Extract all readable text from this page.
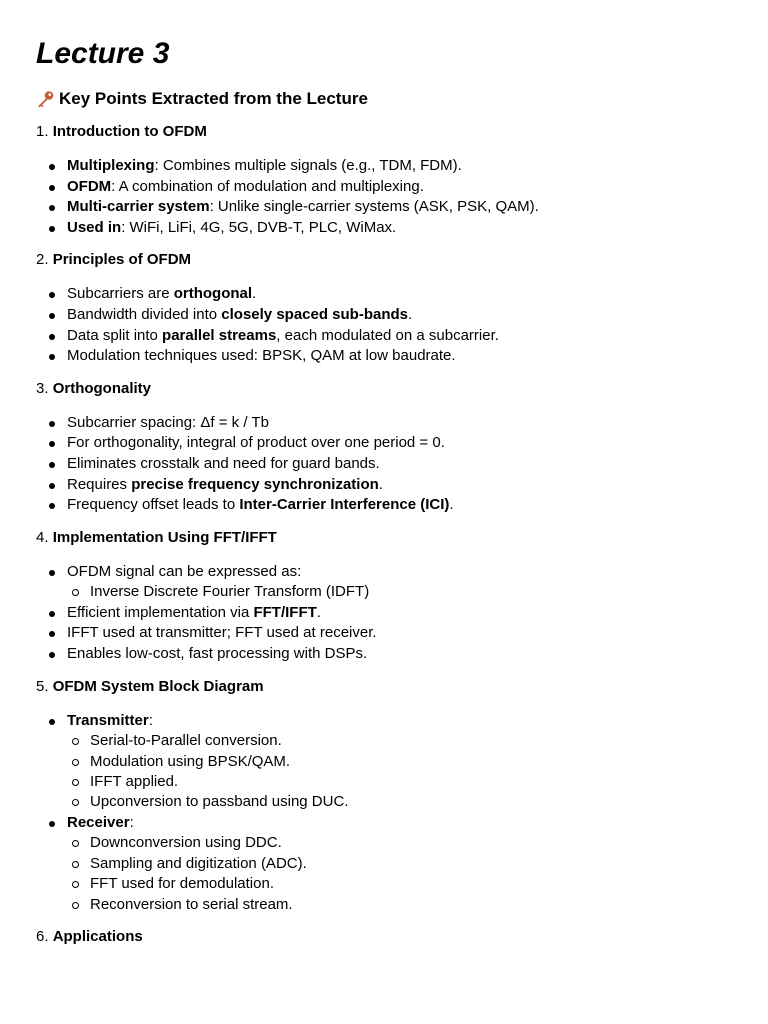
Lecture 3
Key Points Extracted from the Lecture
1. Introduction to OFDM
Multiplexing: Combines multiple signals (e.g., TDM, FDM).
OFDM: A combination of modulation and multiplexing.
Multi-carrier system: Unlike single-carrier systems (ASK, PSK, QAM).
Used in: WiFi, LiFi, 4G, 5G, DVB-T, PLC, WiMax.
2. Principles of OFDM
Subcarriers are orthogonal.
Bandwidth divided into closely spaced sub-bands.
Data split into parallel streams, each modulated on a subcarrier.
Modulation techniques used: BPSK, QAM at low baudrate.
3. Orthogonality
Subcarrier spacing: Δf = k / Tb
For orthogonality, integral of product over one period = 0.
Eliminates crosstalk and need for guard bands.
Requires precise frequency synchronization.
Frequency offset leads to Inter-Carrier Interference (ICI).
4. Implementation Using FFT/IFFT
OFDM signal can be expressed as:
Inverse Discrete Fourier Transform (IDFT)
Efficient implementation via FFT/IFFT.
IFFT used at transmitter; FFT used at receiver.
Enables low-cost, fast processing with DSPs.
5. OFDM System Block Diagram
Transmitter:
Serial-to-Parallel conversion.
Modulation using BPSK/QAM.
IFFT applied.
Upconversion to passband using DUC.
Receiver:
Downconversion using DDC.
Sampling and digitization (ADC).
FFT used for demodulation.
Reconversion to serial stream.
6. Applications
